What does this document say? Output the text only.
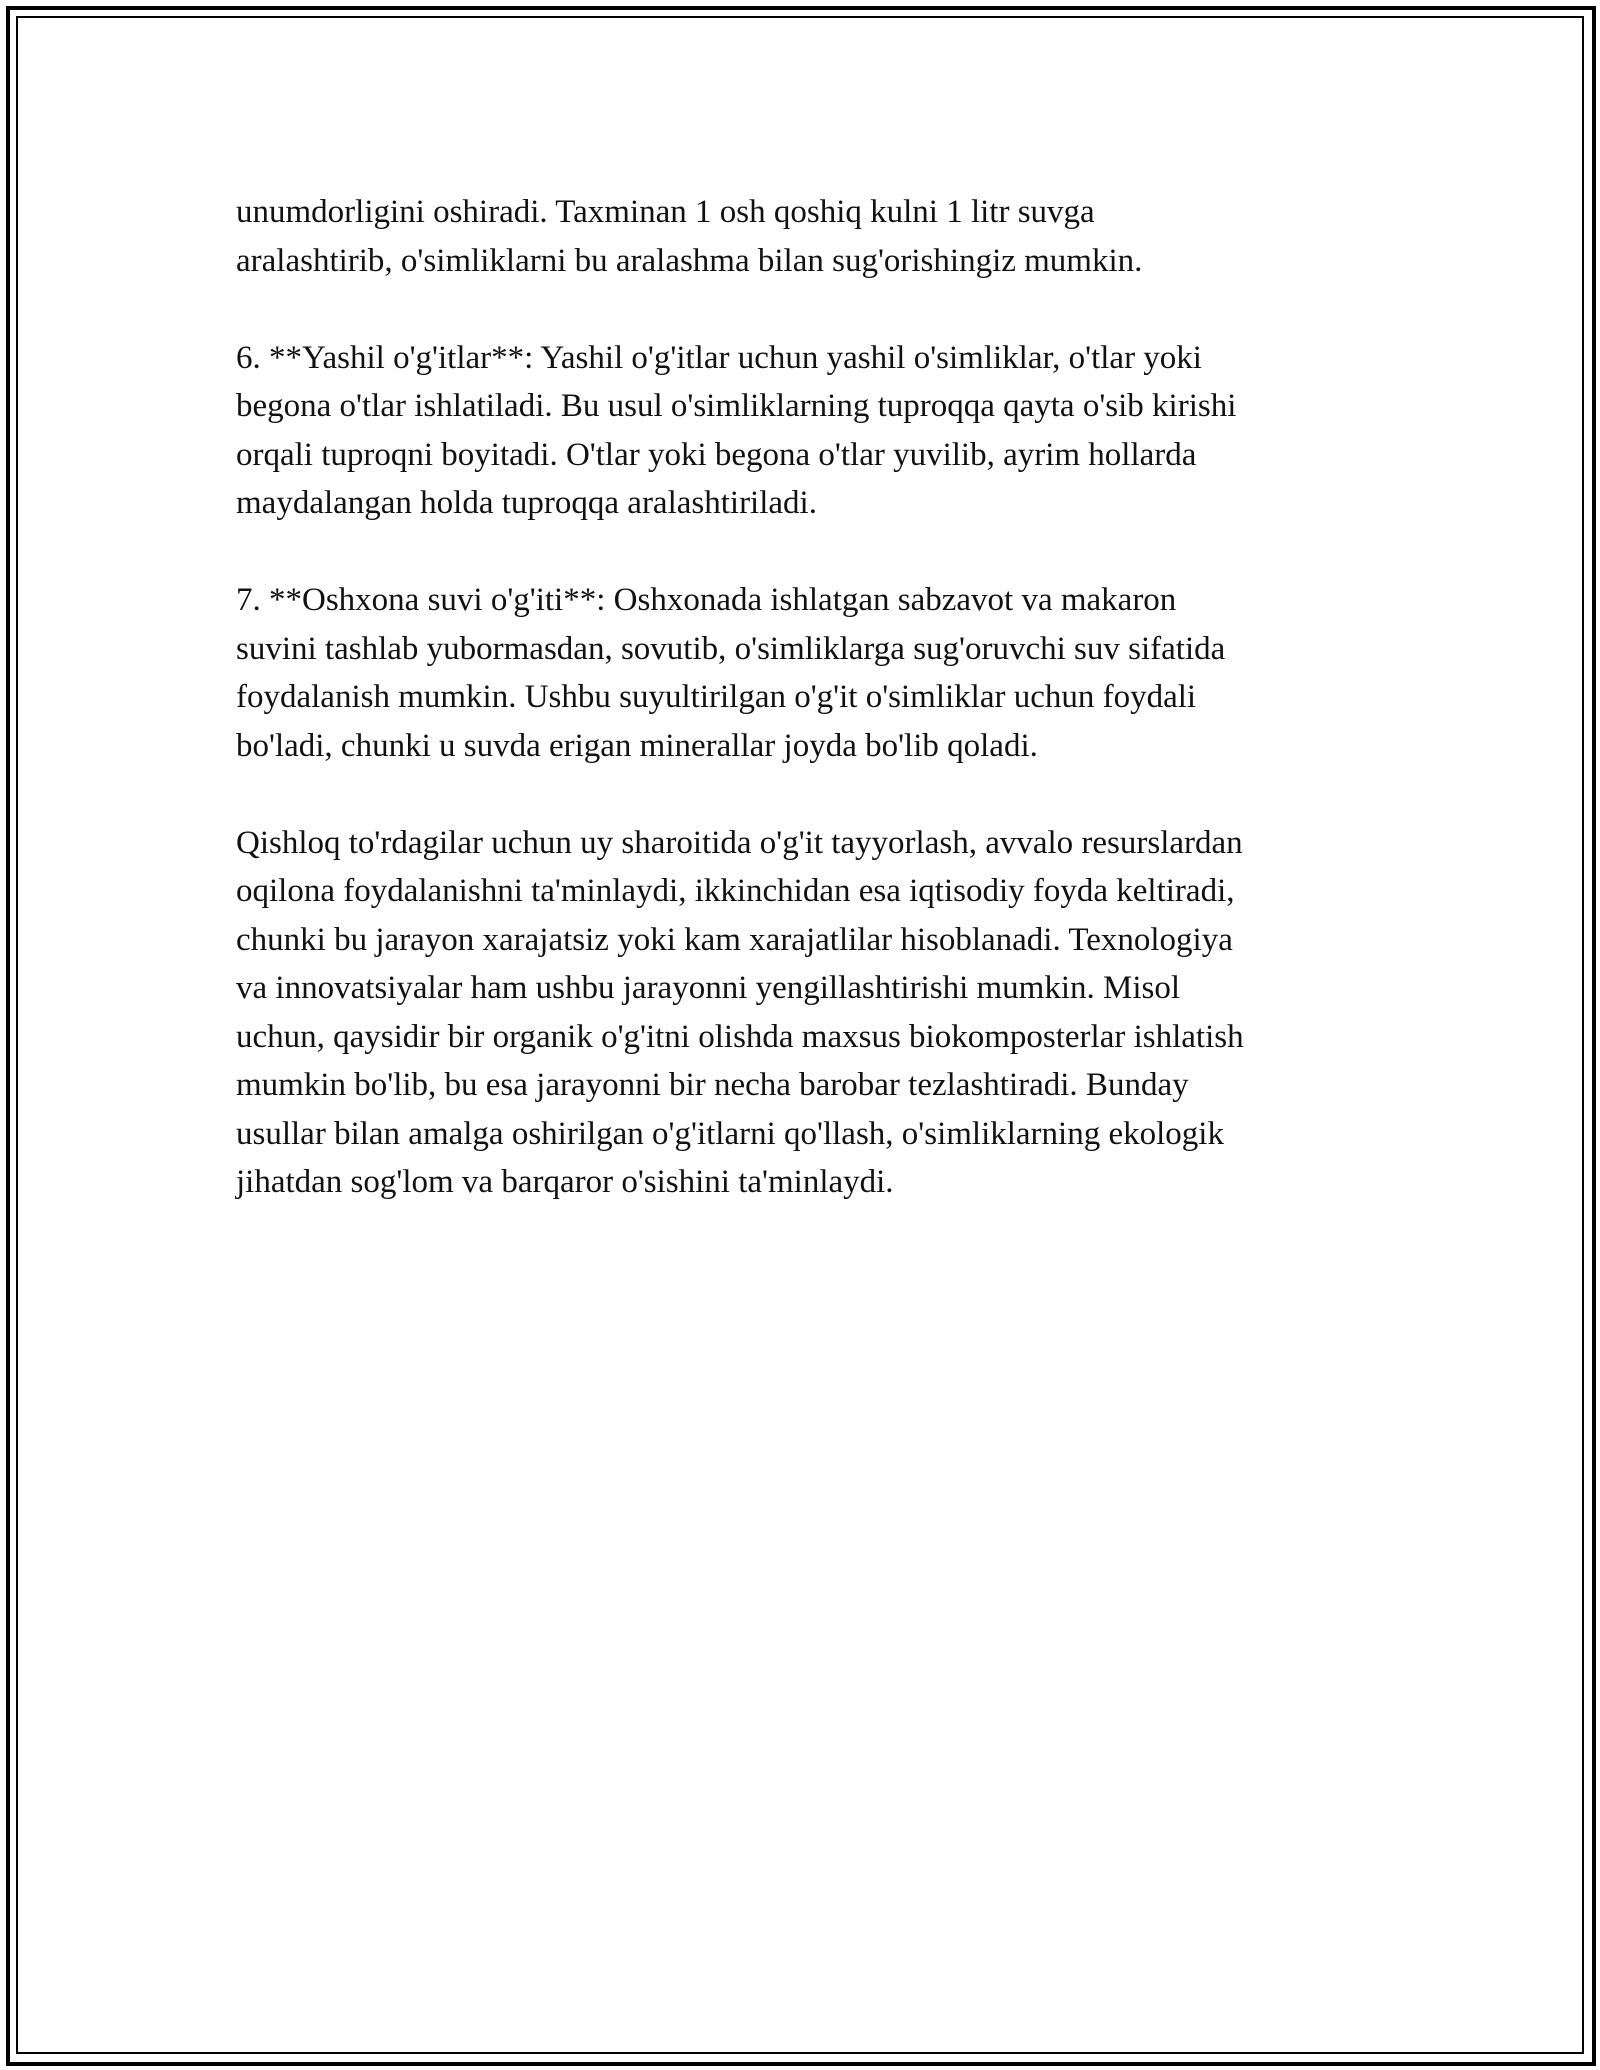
unumdorligini oshiradi. Taxminan 1 osh qoshiq kulni 1 litr suvga
aralashtirib, o'simliklarni bu aralashma bilan sug'orishingiz mumkin.

6. **Yashil o'g'itlar**: Yashil o'g'itlar uchun yashil o'simliklar, o'tlar yoki
begona o'tlar ishlatiladi. Bu usul o'simliklarning tuproqqa qayta o'sib kirishi
orqali tuproqni boyitadi. O'tlar yoki begona o'tlar yuvilib, ayrim hollarda
maydalangan holda tuproqqa aralashtiriladi.

7. **Oshxona suvi o'g'iti**: Oshxonada ishlatgan sabzavot va makaron
suvini tashlab yubormasdan, sovutib, o'simliklarga sug'oruvchi suv sifatida
foydalanish mumkin. Ushbu suyultirilgan o'g'it o'simliklar uchun foydali
bo'ladi, chunki u suvda erigan minerallar joyda bo'lib qoladi.

Qishloq to'rdagilar uchun uy sharoitida o'g'it tayyorlash, avvalo resurslardan
oqilona foydalanishni ta'minlaydi, ikkinchidan esa iqtisodiy foyda keltiradi,
chunki bu jarayon xarajatsiz yoki kam xarajatlilar hisoblanadi. Texnologiya
va innovatsiyalar ham ushbu jarayonni yengillashtirishi mumkin. Misol
uchun, qaysidir bir organik o'g'itni olishda maxsus biokomposterlar ishlatish
mumkin bo'lib, bu esa jarayonni bir necha barobar tezlashtiradi. Bunday
usullar bilan amalga oshirilgan o'g'itlarni qo'llash, o'simliklarning ekologik
jihatdan sog'lom va barqaror o'sishini ta'minlaydi.
